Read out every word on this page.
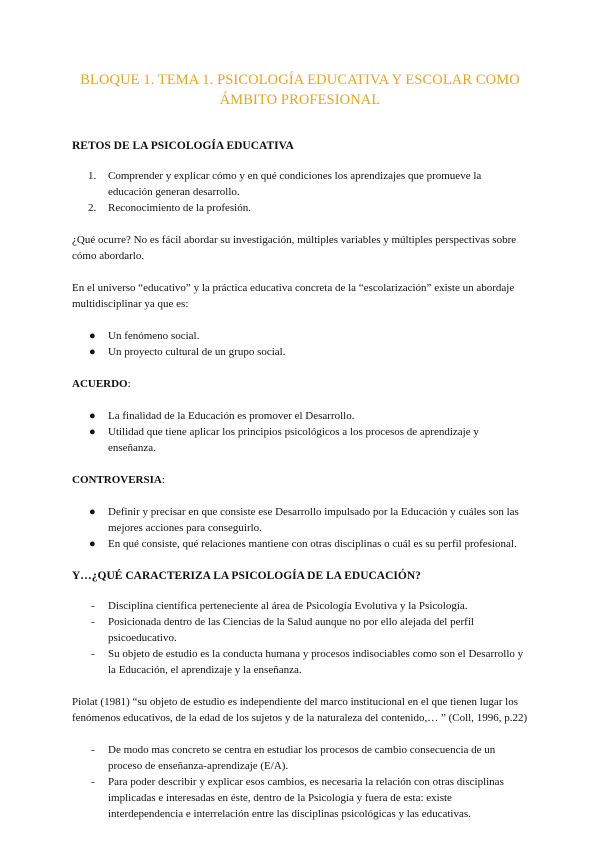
BLOQUE 1. TEMA 1. PSICOLOGÍA EDUCATIVA Y ESCOLAR COMO ÁMBITO PROFESIONAL
RETOS DE LA PSICOLOGÍA EDUCATIVA
1. Comprender y explicar cómo y en qué condiciones los aprendizajes que promueve la educación generan desarrollo.
2. Reconocimiento de la profesión.

¿Qué ocurre? No es fácil abordar su investigación, múltiples variables y múltiples perspectivas sobre cómo abordarlo.

En el universo “educativo” y la práctica educativa concreta de la “escolarización” existe un abordaje multidisciplinar ya que es:

● Un fenómeno social.
● Un proyecto cultural de un grupo social.
ACUERDO:
● La finalidad de la Educación es promover el Desarrollo.
● Utilidad que tiene aplicar los principios psicológicos a los procesos de aprendizaje y enseñanza.
CONTROVERSIA:
● Definir y precisar en que consiste ese Desarrollo impulsado por la Educación y cuáles son las mejores acciones para conseguirlo.
● En qué consiste, qué relaciones mantiene con otras disciplinas o cuál es su perfil profesional.
Y…¿QUÉ CARACTERIZA LA PSICOLOGÍA DE LA EDUCACIÓN?
- Disciplina científica perteneciente al área de Psicología Evolutiva y la Psicología.
- Posicionada dentro de las Ciencias de la Salud aunque no por ello alejada del perfil psicoeducativo.
- Su objeto de estudio es la conducta humana y procesos indisociables como son el Desarrollo y la Educación, el aprendizaje y la enseñanza.

Piolat (1981) “su objeto de estudio es independiente del marco institucional en el que tienen lugar los fenómenos educativos, de la edad de los sujetos y de la naturaleza del contenido,… ” (Coll, 1996, p.22)

- De modo mas concreto se centra en estudiar los procesos de cambio consecuencia de un proceso de enseñanza-aprendizaje (E/A).
- Para poder describir y explicar esos cambios, es necesaria la relación con otras disciplinas implicadas e interesadas en éste, dentro de la Psicología y fuera de esta: existe interdependencia e interrelación entre las disciplinas psicológicas y las educativas.
